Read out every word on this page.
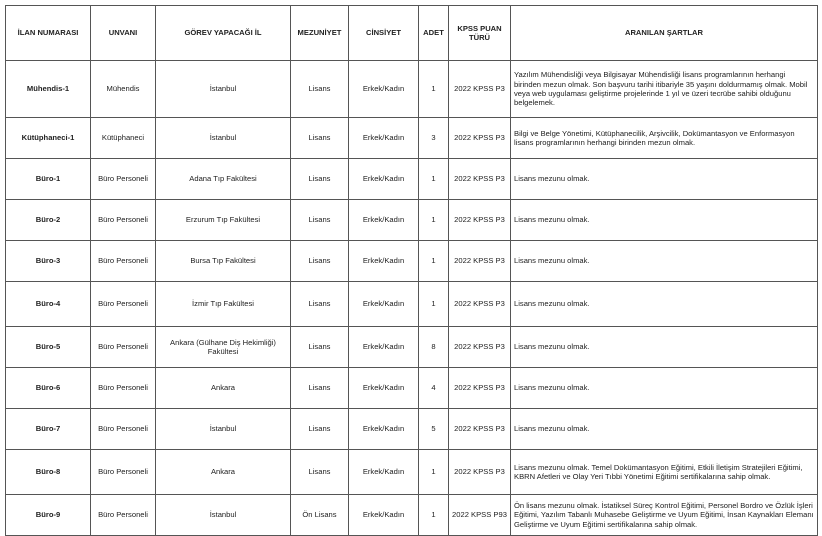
İLAN NUMARASI	UNVANI	GÖREV YAPACAĞI İL	MEZUNİYET	CİNSİYET	ADET	KPSS PUAN TÜRÜ	ARANILAN ŞARTLAR
Mühendis-1	Mühendis	İstanbul	Lisans	Erkek/Kadın	1	2022 KPSS P3	Yazılım Mühendisliği veya Bilgisayar Mühendisliği lisans programlarının herhangi birinden mezun olmak. Son başvuru tarihi itibariyle 35 yaşını doldurmamış olmak. Mobil veya web uygulaması geliştirme projelerinde 1 yıl ve üzeri tecrübe sahibi olduğunu belgelemek.
Kütüphaneci-1	Kütüphaneci	İstanbul	Lisans	Erkek/Kadın	3	2022 KPSS P3	Bilgi ve Belge Yönetimi, Kütüphanecilik, Arşivcilik, Dokümantasyon ve Enformasyon lisans programlarının herhangi birinden mezun olmak.
Büro-1	Büro Personeli	Adana Tıp Fakültesi	Lisans	Erkek/Kadın	1	2022 KPSS P3	Lisans mezunu olmak.
Büro-2	Büro Personeli	Erzurum Tıp Fakültesi	Lisans	Erkek/Kadın	1	2022 KPSS P3	Lisans mezunu olmak.
Büro-3	Büro Personeli	Bursa Tıp Fakültesi	Lisans	Erkek/Kadın	1	2022 KPSS P3	Lisans mezunu olmak.
Büro-4	Büro Personeli	İzmir Tıp Fakültesi	Lisans	Erkek/Kadın	1	2022 KPSS P3	Lisans mezunu olmak.
Büro-5	Büro Personeli	Ankara (Gülhane Diş Hekimliği) Fakültesi	Lisans	Erkek/Kadın	8	2022 KPSS P3	Lisans mezunu olmak.
Büro-6	Büro Personeli	Ankara	Lisans	Erkek/Kadın	4	2022 KPSS P3	Lisans mezunu olmak.
Büro-7	Büro Personeli	İstanbul	Lisans	Erkek/Kadın	5	2022 KPSS P3	Lisans mezunu olmak.
Büro-8	Büro Personeli	Ankara	Lisans	Erkek/Kadın	1	2022 KPSS P3	Lisans mezunu olmak. Temel Dokümantasyon Eğitimi, Etkili İletişim Stratejileri Eğitimi, KBRN Afetleri ve Olay Yeri Tıbbi Yönetimi Eğitimi sertifikalarına sahip olmak.
Büro-9	Büro Personeli	İstanbul	Ön Lisans	Erkek/Kadın	1	2022 KPSS P93	Ön lisans mezunu olmak. İstatiksel Süreç Kontrol Eğitimi, Personel Bordro ve Özlük İşleri Eğitimi, Yazılım Tabanlı Muhasebe Geliştirme ve Uyum Eğitimi, İnsan Kaynakları Elemanı Geliştirme ve Uyum Eğitimi sertifikalarına sahip olmak.
